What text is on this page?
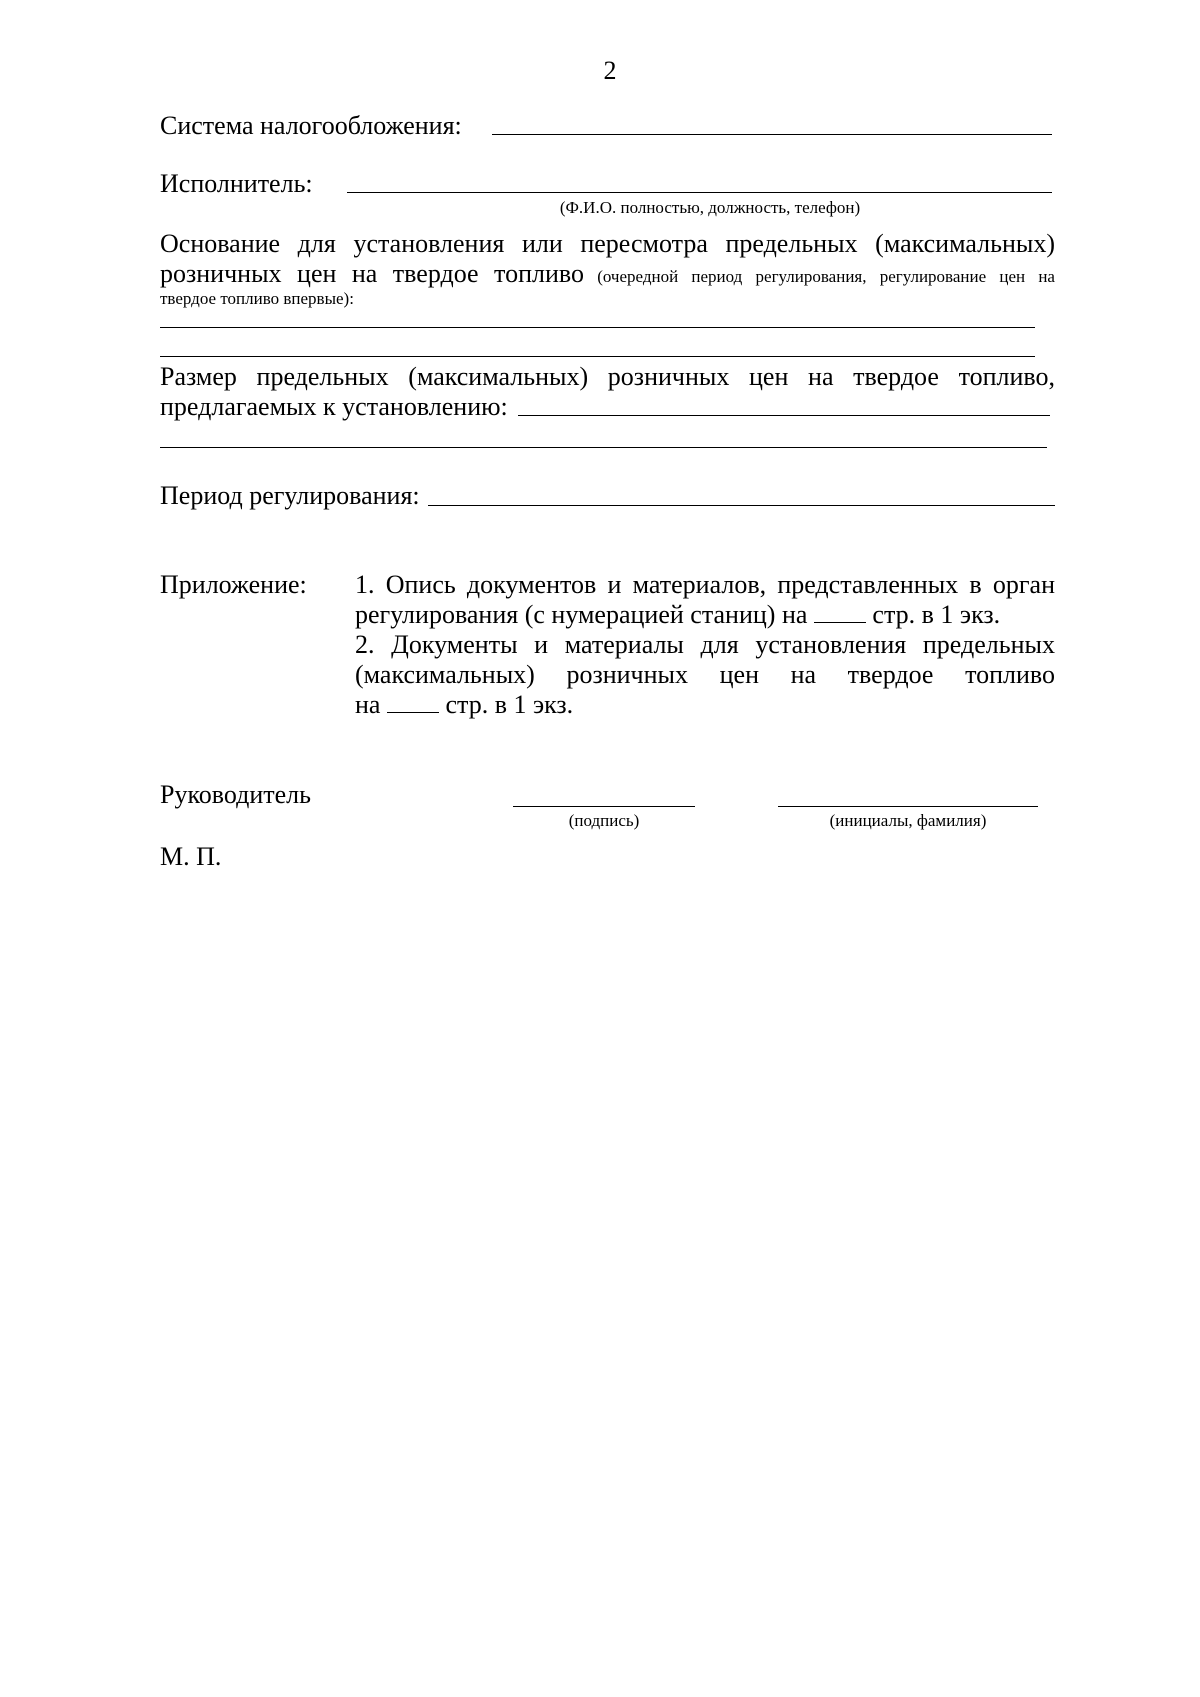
2
Система налогообложения:
Исполнитель:
(Ф.И.О. полностью, должность, телефон)
Основание для установления или пересмотра предельных (максимальных)
розничных цен на твердое топливо (очередной период регулирования, регулирование цен на
твердое топливо впервые):
Размер предельных (максимальных) розничных цен на твердое топливо,
предлагаемых к установлению:
Период регулирования:
Приложение: 1. Опись документов и материалов, представленных в орган
регулирования (с нумерацией станиц) на  стр. в 1 экз.
2. Документы и материалы для установления предельных
(максимальных) розничных цен на твердое топливо
на  стр. в 1 экз.
Руководитель
(подпись)	(инициалы, фамилия)
М. П.
